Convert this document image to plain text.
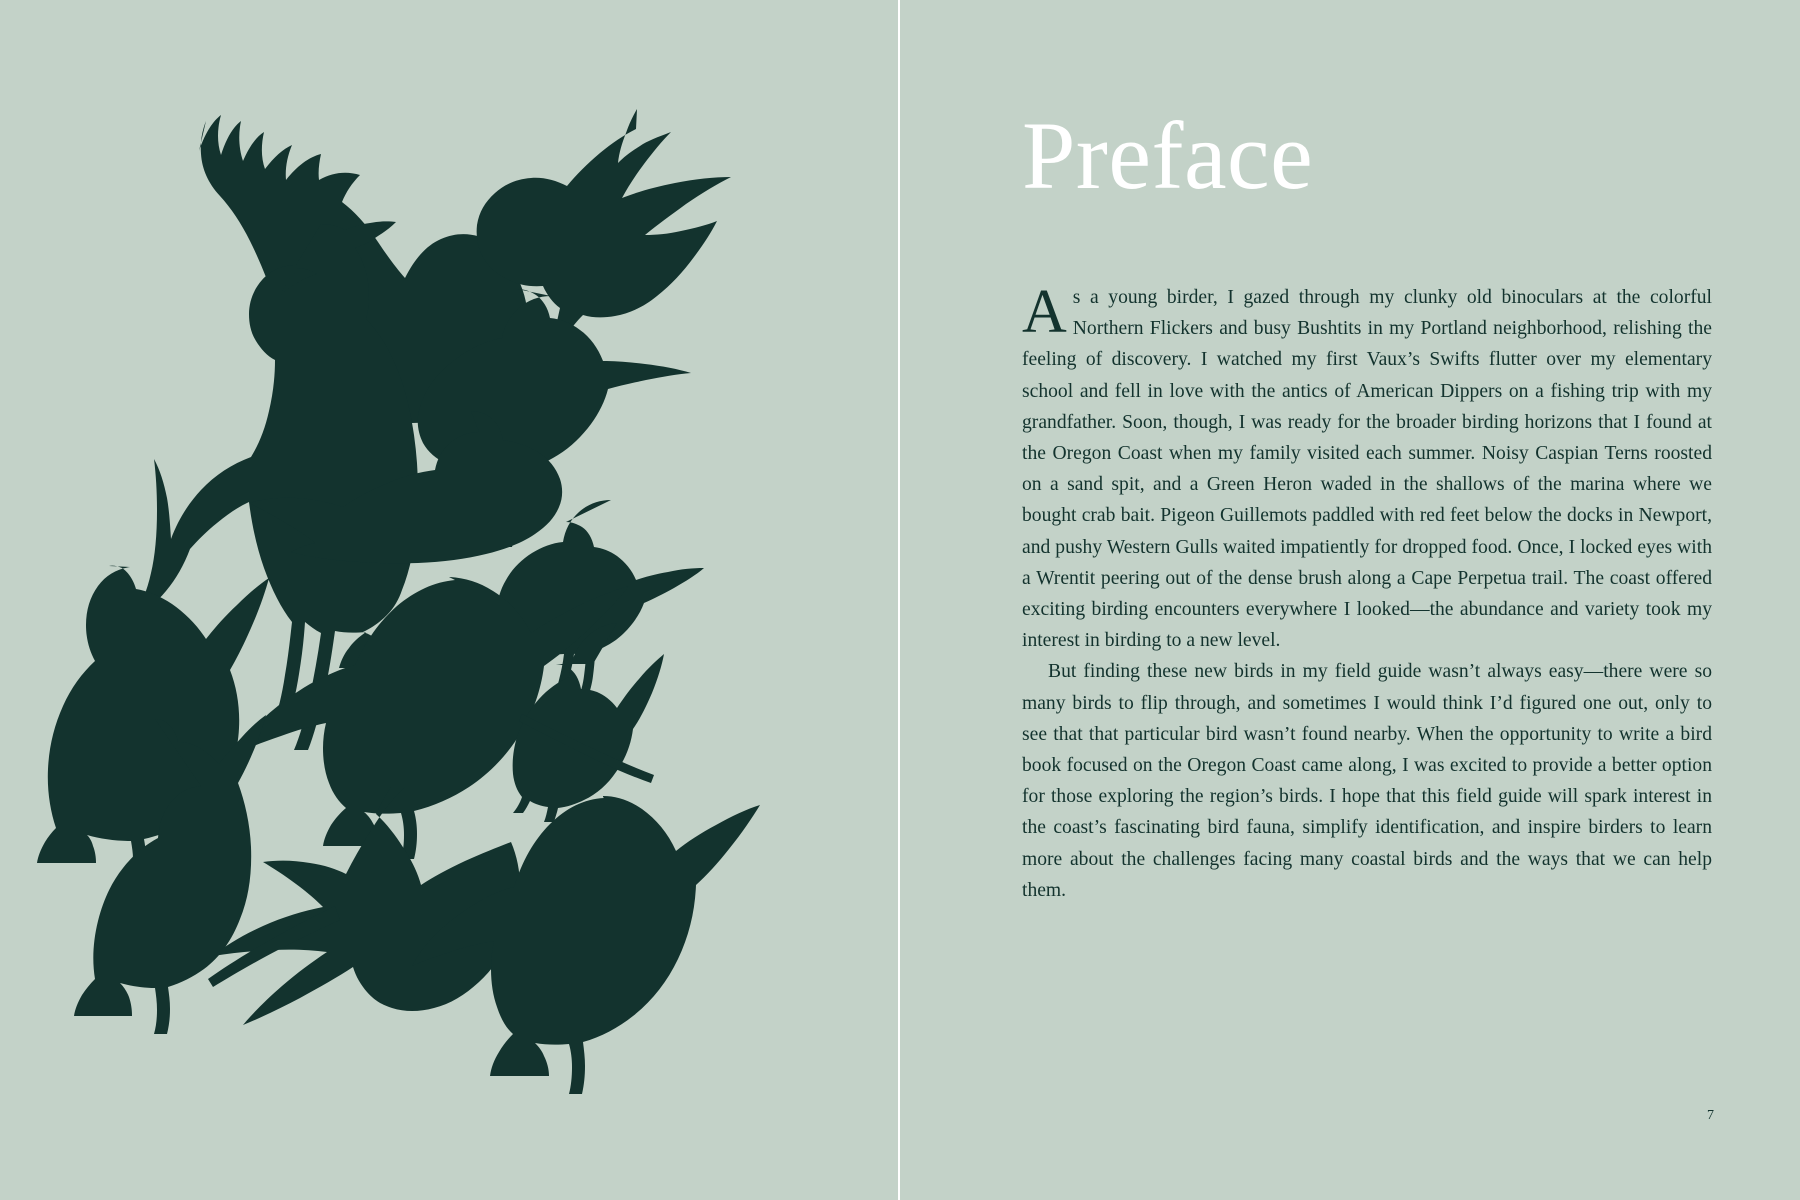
Preface

As a young birder, I gazed through my clunky old binoculars at the colorful Northern Flickers and busy Bushtits in my Portland neighborhood, relishing the feeling of discovery. I watched my first Vaux’s Swifts flutter over my elementary school and fell in love with the antics of American Dippers on a fishing trip with my grandfather. Soon, though, I was ready for the broader birding horizons that I found at the Oregon Coast when my family visited each summer. Noisy Caspian Terns roosted on a sand spit, and a Green Heron waded in the shallows of the marina where we bought crab bait. Pigeon Guillemots paddled with red feet below the docks in Newport, and pushy Western Gulls waited impatiently for dropped food. Once, I locked eyes with a Wrentit peering out of the dense brush along a Cape Perpetua trail. The coast offered exciting birding encounters everywhere I looked—the abundance and variety took my interest in birding to a new level.

But finding these new birds in my field guide wasn’t always easy—there were so many birds to flip through, and sometimes I would think I’d figured one out, only to see that that particular bird wasn’t found nearby. When the opportunity to write a bird book focused on the Oregon Coast came along, I was excited to provide a better option for those exploring the region’s birds. I hope that this field guide will spark interest in the coast’s fascinating bird fauna, simplify identification, and inspire birders to learn more about the challenges facing many coastal birds and the ways that we can help them.

7
